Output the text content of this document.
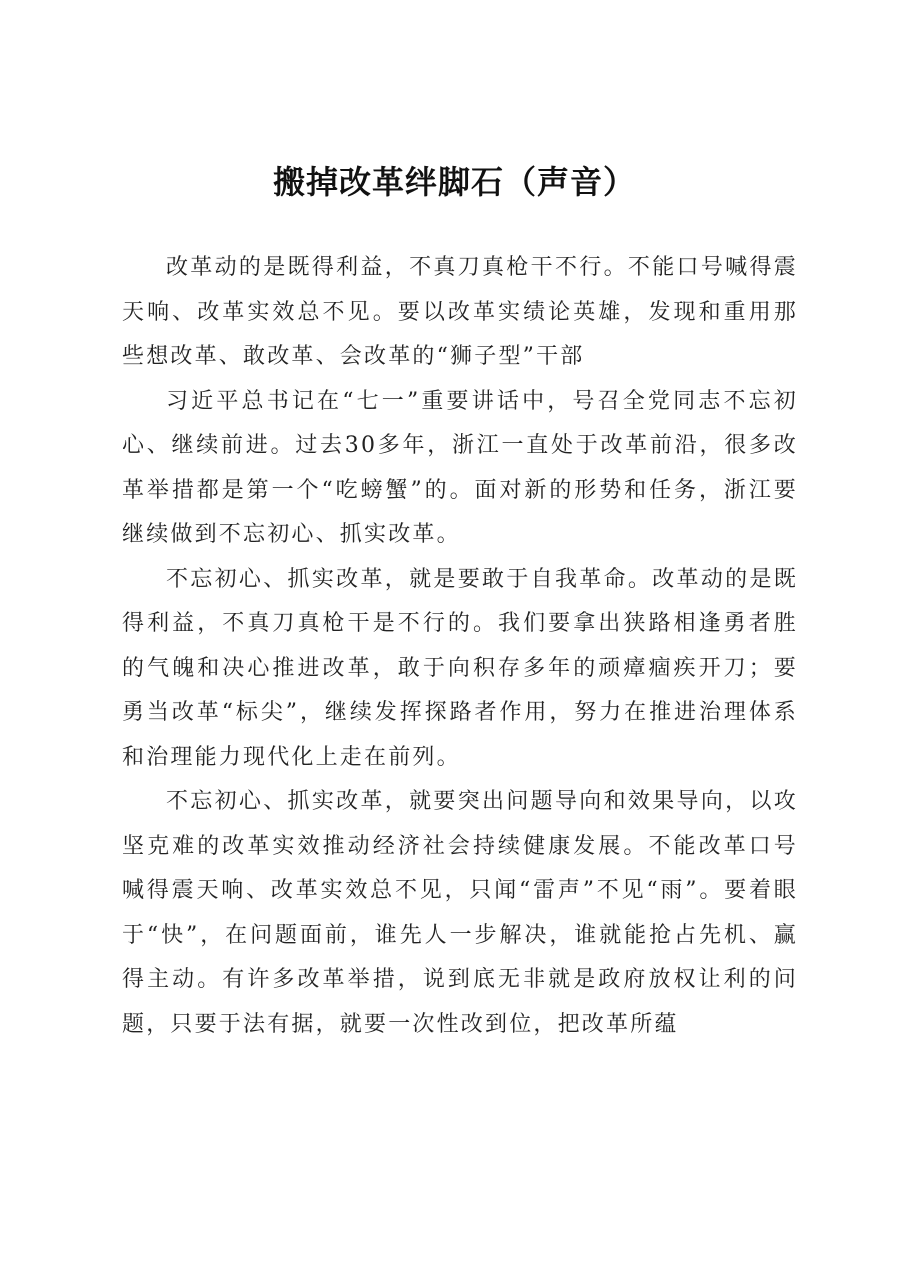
搬掉改革绊脚石（声音）

改革动的是既得利益，不真刀真枪干不行。不能口号喊得震天响、改革实效总不见。要以改革实绩论英雄，发现和重用那些想改革、敢改革、会改革的“狮子型”干部

习近平总书记在“七一”重要讲话中，号召全党同志不忘初心、继续前进。过去30多年，浙江一直处于改革前沿，很多改革举措都是第一个“吃螃蟹”的。面对新的形势和任务，浙江要继续做到不忘初心、抓实改革。

不忘初心、抓实改革，就是要敢于自我革命。改革动的是既得利益，不真刀真枪干是不行的。我们要拿出狭路相逢勇者胜的气魄和决心推进改革，敢于向积存多年的顽瘴痼疾开刀；要勇当改革“标尖”，继续发挥探路者作用，努力在推进治理体系和治理能力现代化上走在前列。

不忘初心、抓实改革，就要突出问题导向和效果导向，以攻坚克难的改革实效推动经济社会持续健康发展。不能改革口号喊得震天响、改革实效总不见，只闻“雷声”不见“雨”。要着眼于“快”，在问题面前，谁先人一步解决，谁就能抢占先机、赢得主动。有许多改革举措，说到底无非就是政府放权让利的问题，只要于法有据，就要一次性改到位，把改革所蕴
